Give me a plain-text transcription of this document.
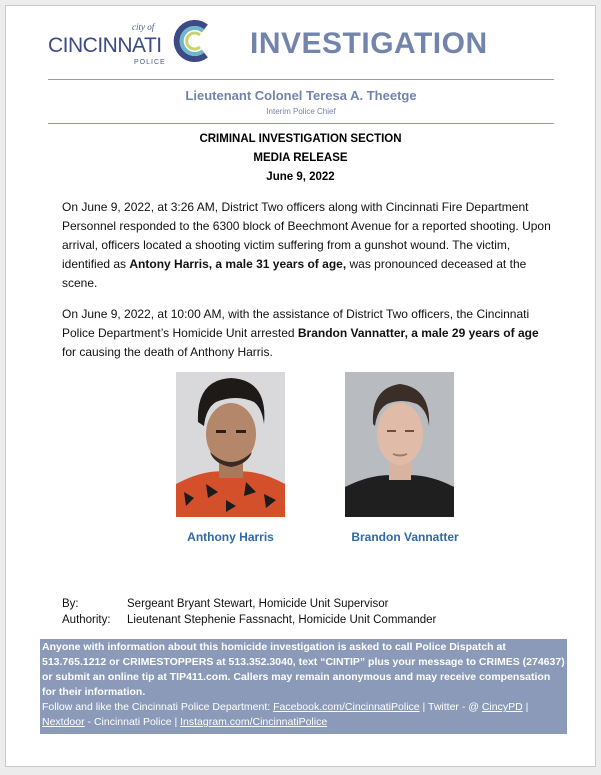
city of
CINCINNATI
POLICE
INVESTIGATION
Lieutenant Colonel Teresa A. Theetge
Interim Police Chief
CRIMINAL INVESTIGATION SECTION
MEDIA RELEASE
June 9, 2022
On June 9, 2022, at 3:26 AM, District Two officers along with Cincinnati Fire Department Personnel responded to the 6300 block of Beechmont Avenue for a reported shooting. Upon arrival, officers located a shooting victim suffering from a gunshot wound. The victim, identified as Antony Harris, a male 31 years of age, was pronounced deceased at the scene.
On June 9, 2022, at 10:00 AM, with the assistance of District Two officers, the Cincinnati Police Department’s Homicide Unit arrested Brandon Vannatter, a male 29 years of age for causing the death of Anthony Harris.
Anthony Harris	Brandon Vannatter
By:	Sergeant Bryant Stewart, Homicide Unit Supervisor
Authority: Lieutenant Stephenie Fassnacht, Homicide Unit Commander
Anyone with information about this homicide investigation is asked to call Police Dispatch at 513.765.1212 or CRIMESTOPPERS at 513.352.3040, text “CINTIP” plus your message to CRIMES (274637) or submit an online tip at TIP411.com. Callers may remain anonymous and may receive compensation for their information.
Follow and like the Cincinnati Police Department: Facebook.com/CincinnatiPolice | Twitter - @ CincyPD | Nextdoor - Cincinnati Police | Instagram.com/CincinnatiPolice
